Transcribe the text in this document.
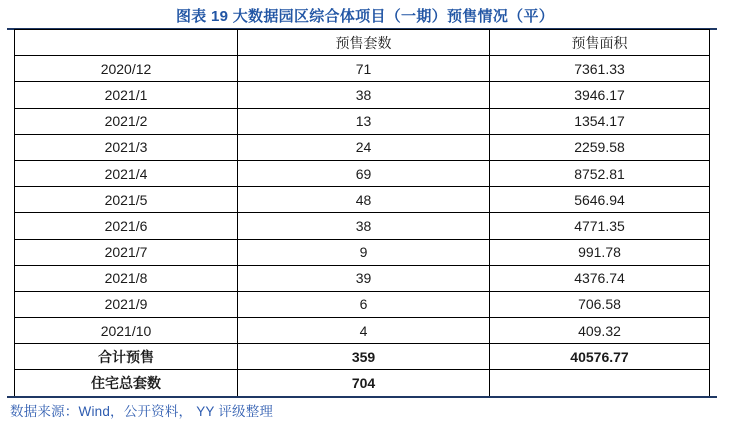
图表 19 大数据园区综合体项目（一期）预售情况（平）
	预售套数	预售面积
2020/12	71	7361.33
2021/1	38	3946.17
2021/2	13	1354.17
2021/3	24	2259.58
2021/4	69	8752.81
2021/5	48	5646.94
2021/6	38	4771.35
2021/7	9	991.78
2021/8	39	4376.74
2021/9	6	706.58
2021/10	4	409.32
合计预售	359	40576.77
住宅总套数	704	
数据来源：Wind，公开资料， YY 评级整理
